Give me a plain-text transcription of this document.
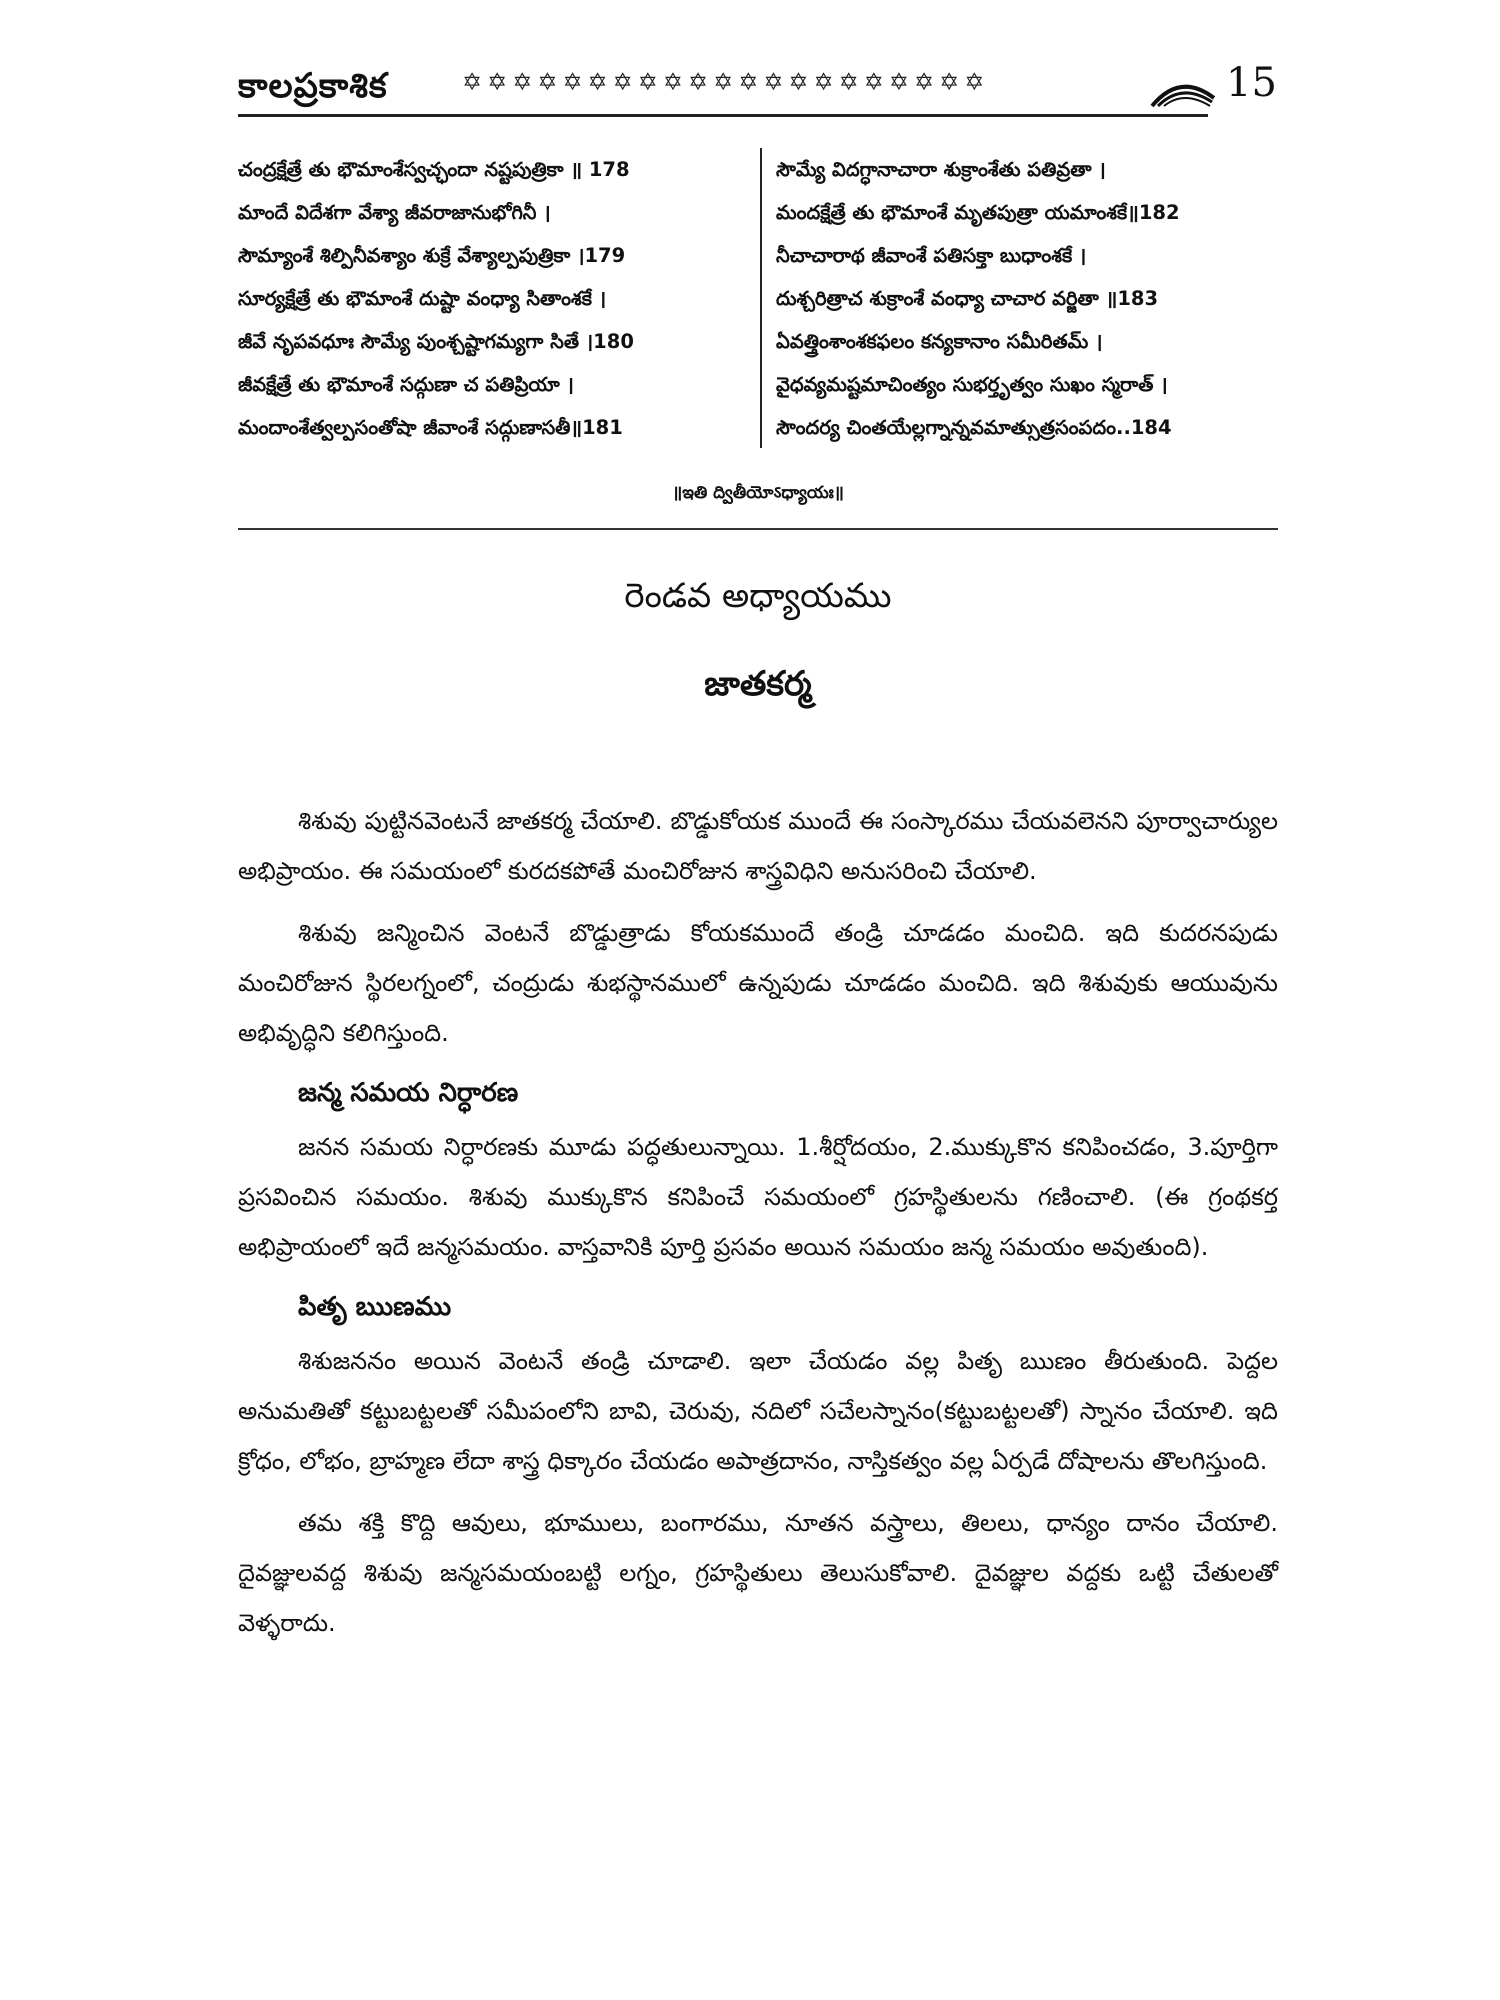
కాలప్రకాశిక	✡✡✡✡✡✡✡✡✡✡✡✡✡✡✡✡✡✡✡✡✡	15
చంద్రక్షేత్రే తు భౌమాంశేస్వచ్ఛందా నష్టపుత్రికా ॥ 178
మాందే విదేశగా వేశ్యా జీవరాజానుభోగినీ ।
సౌమ్యాంశే శిల్పినీవశ్యాం శుక్రే వేశ్యాల్పపుత్రికా ।179
సూర్యక్షేత్రే తు భౌమాంశే దుష్టా వంధ్యా సితాంశకే ।
జీవే నృపవధూః సౌమ్యే పుంశ్చష్టాగమ్యగా సితే ।180
జీవక్షేత్రే తు భౌమాంశే సద్గుణా చ పతిప్రియా ।
మందాంశేత్వల్పసంతోషా జీవాంశే సద్గుణాసతీ॥181
సౌమ్యే విదగ్ధానాచారా శుక్రాంశేతు పతివ్రతా ।
మందక్షేత్రే తు భౌమాంశే మృతపుత్రా యమాంశకే॥182
నీచాచారాథ జీవాంశే పతిసక్తా బుధాంశకే ।
దుశ్చరిత్రాచ శుక్రాంశే వంధ్యా చాచార వర్జితా ॥183
ఏవత్త్రింశాంశకఫలం కన్యకానాం సమీరితమ్ ।
వైధవ్యమష్టమాచింత్యం సుభర్తృత్వం సుఖం స్మరాత్ ।
సౌందర్య చింతయేల్లగ్నాన్నవమాత్సుత్రసంపదం..184
॥ఇతి ద్వితీయోऽధ్యాయః॥
రెండవ అధ్యాయము
జాతకర్మ

శిశువు పుట్టినవెంటనే జాతకర్మ చేయాలి. బొడ్డుకోయక ముందే ఈ సంస్కారము చేయవలెనని పూర్వాచార్యుల అభిప్రాయం. ఈ సమయంలో కురదకపోతే మంచిరోజున శాస్త్రవిధిని అనుసరించి చేయాలి.

శిశువు జన్మించిన వెంటనే బొడ్డుత్రాడు కోయకముందే తండ్రి చూడడం మంచిది. ఇది కుదరనపుడు మంచిరోజున స్థిరలగ్నంలో, చంద్రుడు శుభస్థానములో ఉన్నపుడు చూడడం మంచిది. ఇది శిశువుకు ఆయువును అభివృద్ధిని కలిగిస్తుంది.

జన్మ సమయ నిర్ధారణ

జనన సమయ నిర్ధారణకు మూడు పద్ధతులున్నాయి. 1.శీర్షోదయం, 2.ముక్కుకొన కనిపించడం, 3.పూర్తిగా ప్రసవించిన సమయం. శిశువు ముక్కుకొన కనిపించే సమయంలో గ్రహస్థితులను గణించాలి. (ఈ గ్రంథకర్త అభిప్రాయంలో ఇదే జన్మసమయం. వాస్తవానికి పూర్తి ప్రసవం అయిన సమయం జన్మ సమయం అవుతుంది).

పితృ ఋణము

శిశుజననం అయిన వెంటనే తండ్రి చూడాలి. ఇలా చేయడం వల్ల పితృ ఋణం తీరుతుంది. పెద్దల అనుమతితో కట్టుబట్టలతో సమీపంలోని బావి, చెరువు, నదిలో సచేలస్నానం(కట్టుబట్టలతో) స్నానం చేయాలి. ఇది క్రోధం, లోభం, బ్రాహ్మణ లేదా శాస్త్ర ధిక్కారం చేయడం అపాత్రదానం, నాస్తికత్వం వల్ల ఏర్పడే దోషాలను తొలగిస్తుంది.

తమ శక్తి కొద్ది ఆవులు, భూములు, బంగారము, నూతన వస్త్రాలు, తిలలు, ధాన్యం దానం చేయాలి. దైవజ్ఞులవద్ద శిశువు జన్మసమయంబట్టి లగ్నం, గ్రహస్థితులు తెలుసుకోవాలి. దైవజ్ఞుల వద్దకు ఒట్టి చేతులతో వెళ్ళరాదు.
